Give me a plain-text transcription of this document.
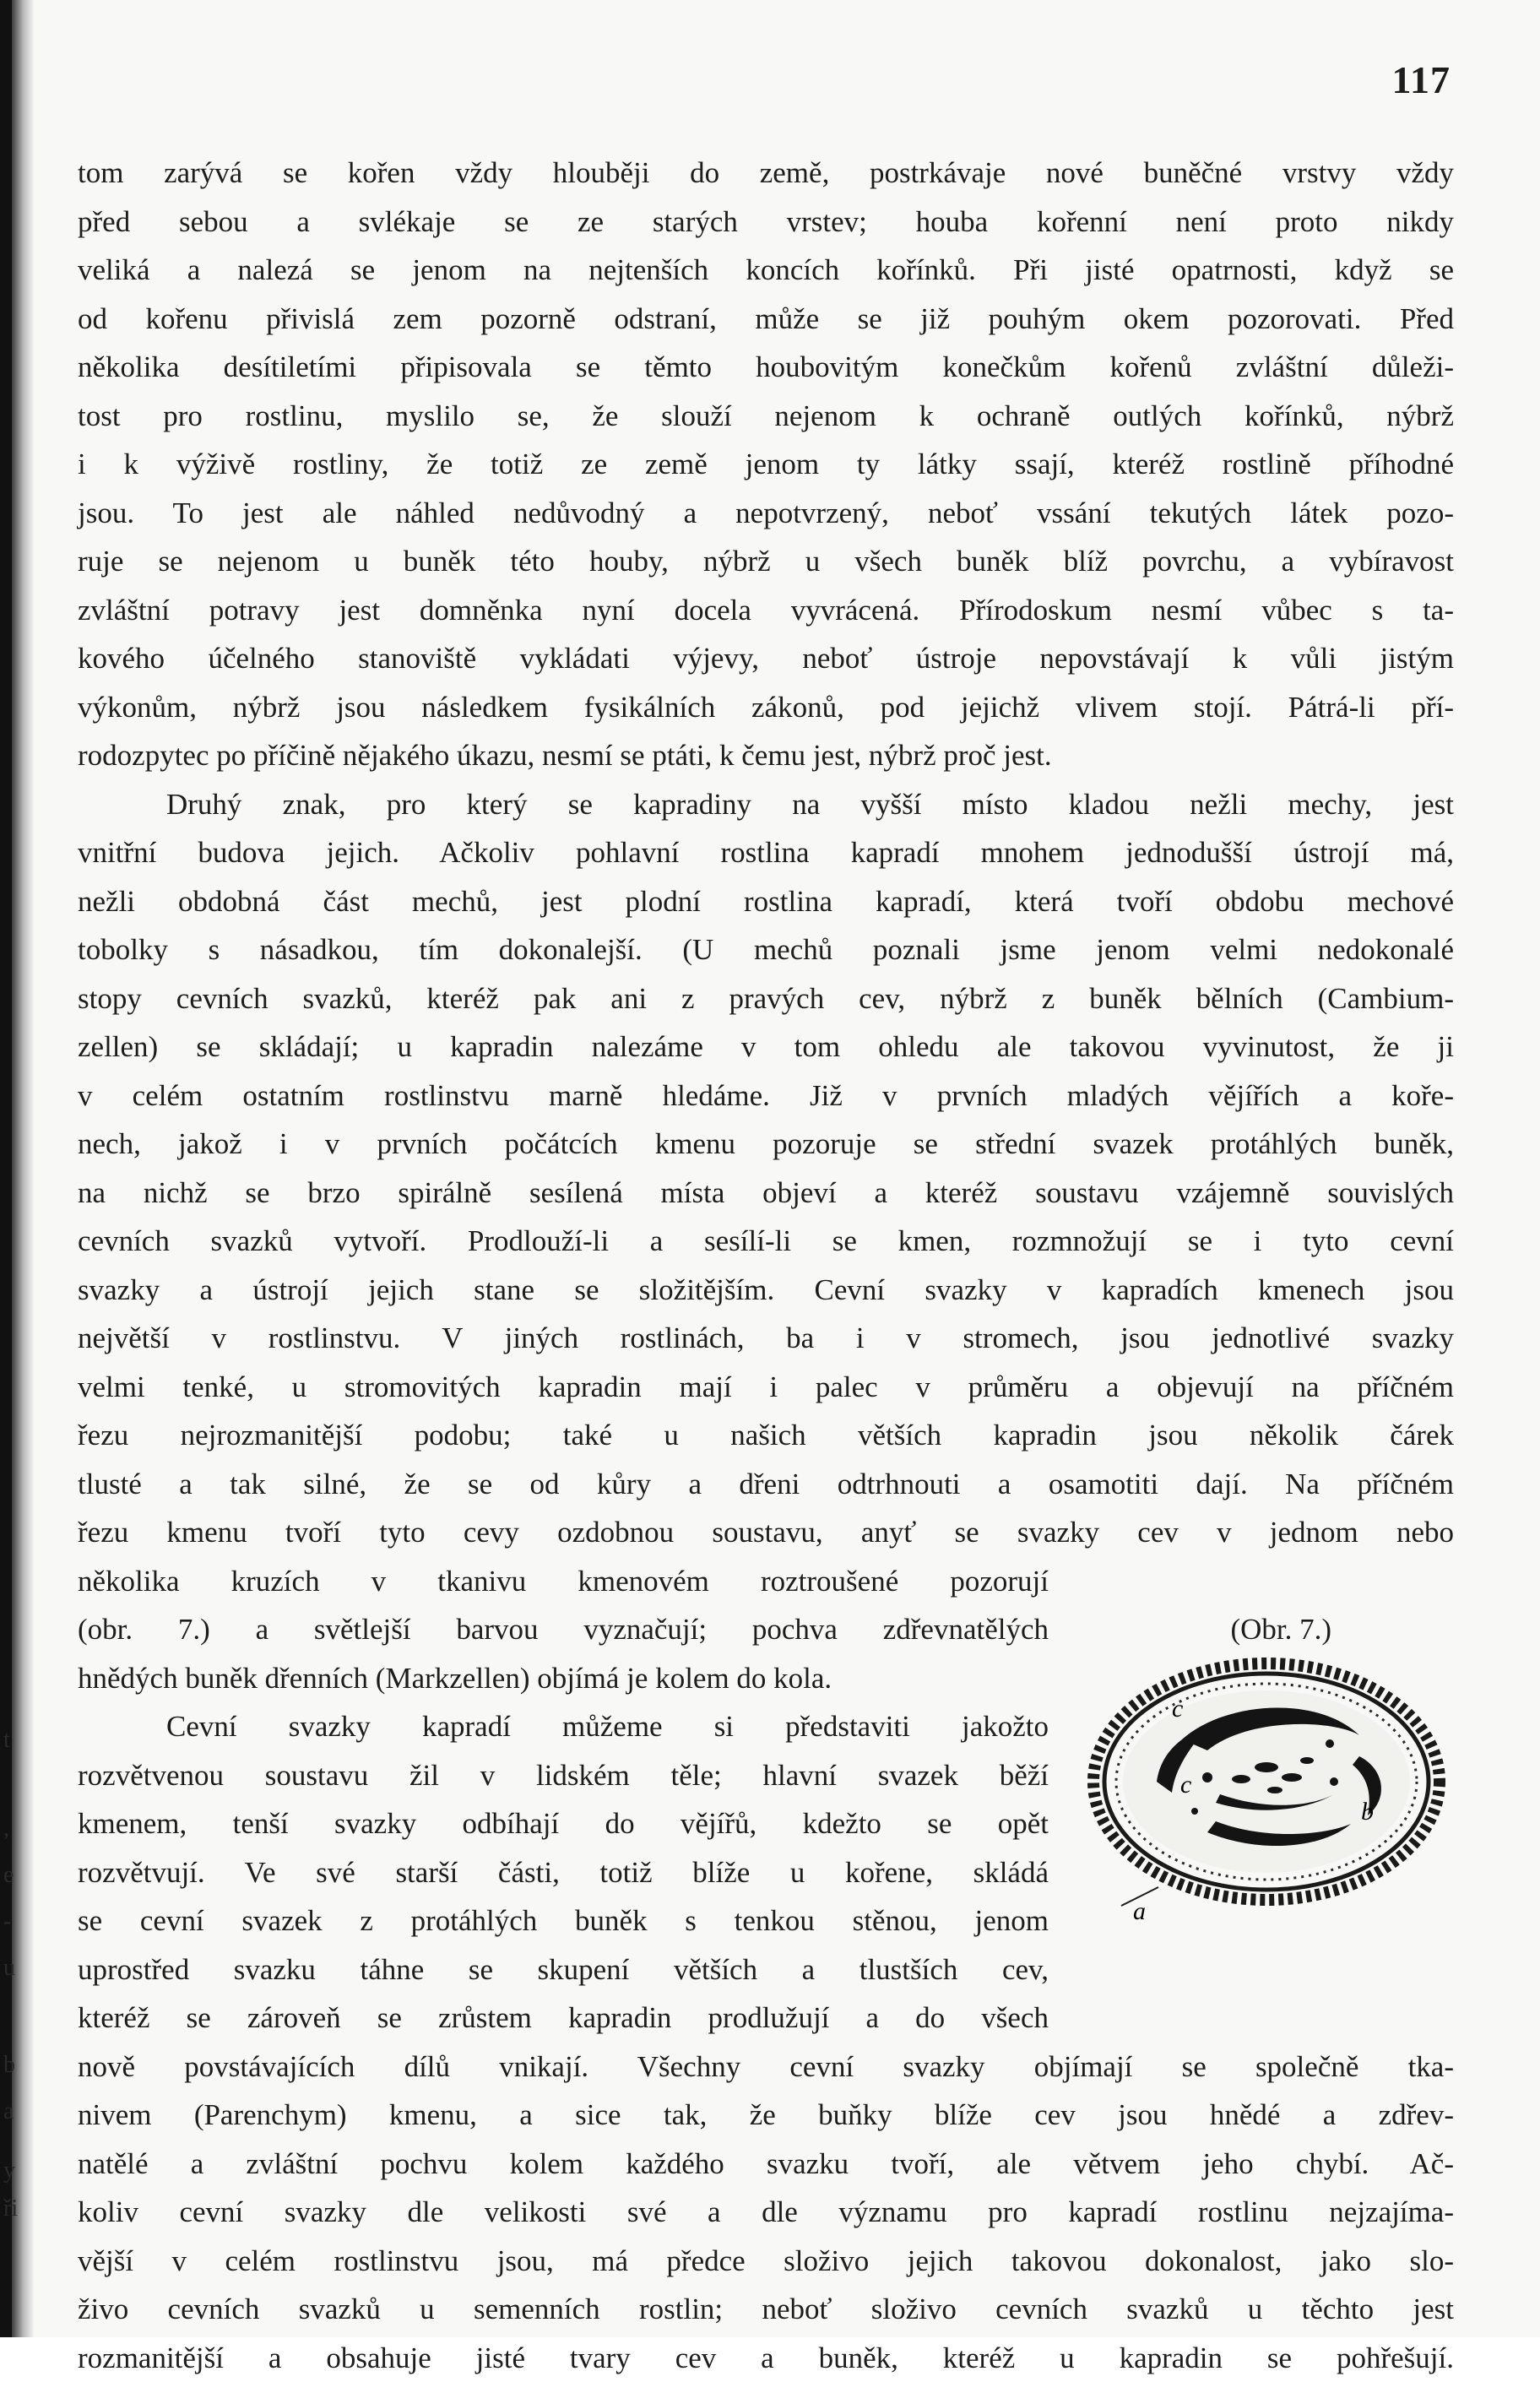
t
,
e
-
u
b
a
y
ři
117
tom zarývá se kořen vždy hlouběji do země, postrkávaje nové buněčné vrstvy vždy
před sebou a svlékaje se ze starých vrstev; houba kořenní není proto nikdy
veliká a nalezá se jenom na nejtenších koncích kořínků. Při jisté opatrnosti, když se
od kořenu přivislá zem pozorně odstraní, může se již pouhým okem pozorovati. Před
několika desítiletími připisovala se těmto houbovitým konečkům kořenů zvláštní důleži-
tost pro rostlinu, myslilo se, že slouží nejenom k ochraně outlých kořínků, nýbrž
i k výživě rostliny, že totiž ze země jenom ty látky ssají, kteréž rostlině příhodné
jsou. To jest ale náhled nedůvodný a nepotvrzený, neboť vssání tekutých látek pozo-
ruje se nejenom u buněk této houby, nýbrž u všech buněk blíž povrchu, a vybíravost
zvláštní potravy jest domněnka nyní docela vyvrácená. Přírodoskum nesmí vůbec s ta-
kového účelného stanoviště vykládati výjevy, neboť ústroje nepovstávají k vůli jistým
výkonům, nýbrž jsou následkem fysikálních zákonů, pod jejichž vlivem stojí. Pátrá-li pří-
rodozpytec po příčině nějakého úkazu, nesmí se ptáti, k čemu jest, nýbrž proč jest.
Druhý znak, pro který se kapradiny na vyšší místo kladou nežli mechy, jest
vnitřní budova jejich. Ačkoliv pohlavní rostlina kapradí mnohem jednodušší ústrojí má,
nežli obdobná část mechů, jest plodní rostlina kapradí, která tvoří obdobu mechové
tobolky s násadkou, tím dokonalejší. (U mechů poznali jsme jenom velmi nedokonalé
stopy cevních svazků, kteréž pak ani z pravých cev, nýbrž z buněk bělních (Cambium-
zellen) se skládají; u kapradin nalezáme v tom ohledu ale takovou vyvinutost, že ji
v celém ostatním rostlinstvu marně hledáme. Již v prvních mladých vějířích a koře-
nech, jakož i v prvních počátcích kmenu pozoruje se střední svazek protáhlých buněk,
na nichž se brzo spirálně sesílená místa objeví a kteréž soustavu vzájemně souvislých
cevních svazků vytvoří. Prodlouží-li a sesílí-li se kmen, rozmnožují se i tyto cevní
svazky a ústrojí jejich stane se složitějším. Cevní svazky v kapradích kmenech jsou
největší v rostlinstvu. V jiných rostlinách, ba i v stromech, jsou jednotlivé svazky
velmi tenké, u stromovitých kapradin mají i palec v průměru a objevují na příčném
řezu nejrozmanitější podobu; také u našich větších kapradin jsou několik čárek
tlusté a tak silné, že se od kůry a dřeni odtrhnouti a osamotiti dají. Na příčném
řezu kmenu tvoří tyto cevy ozdobnou soustavu, anyť se svazky cev v jednom nebo
několika kruzích v tkanivu kmenovém roztroušené pozorují
(obr. 7.) a světlejší barvou vyznačují; pochva zdřevnatělých	(Obr. 7.)
hnědých buněk dřenních (Markzellen) objímá je kolem do kola.
Cevní svazky kapradí můžeme si představiti jakožto
rozvětvenou soustavu žil v lidském těle; hlavní svazek běží
kmenem, tenší svazky odbíhají do vějířů, kdežto se opět
rozvětvují. Ve své starší části, totiž blíže u kořene, skládá
se cevní svazek z protáhlých buněk s tenkou stěnou, jenom
uprostřed svazku táhne se skupení větších a tlustších cev,
kteréž se zároveň se zrůstem kapradin prodlužují a do všech
nově povstávajících dílů vnikají. Všechny cevní svazky objímají se společně tka-
nivem (Parenchym) kmenu, a sice tak, že buňky blíže cev jsou hnědé a zdřev-
natělé a zvláštní pochvu kolem každého svazku tvoří, ale větvem jeho chybí. Ač-
koliv cevní svazky dle velikosti své a dle významu pro kapradí rostlinu nejzajíma-
vější v celém rostlinstvu jsou, má předce složivo jejich takovou dokonalost, jako slo-
živo cevních svazků u semenních rostlin; neboť složivo cevních svazků u těchto jest
rozmanitější a obsahuje jisté tvary cev a buněk, kteréž u kapradin se pohřešují.
c
c
b
a
